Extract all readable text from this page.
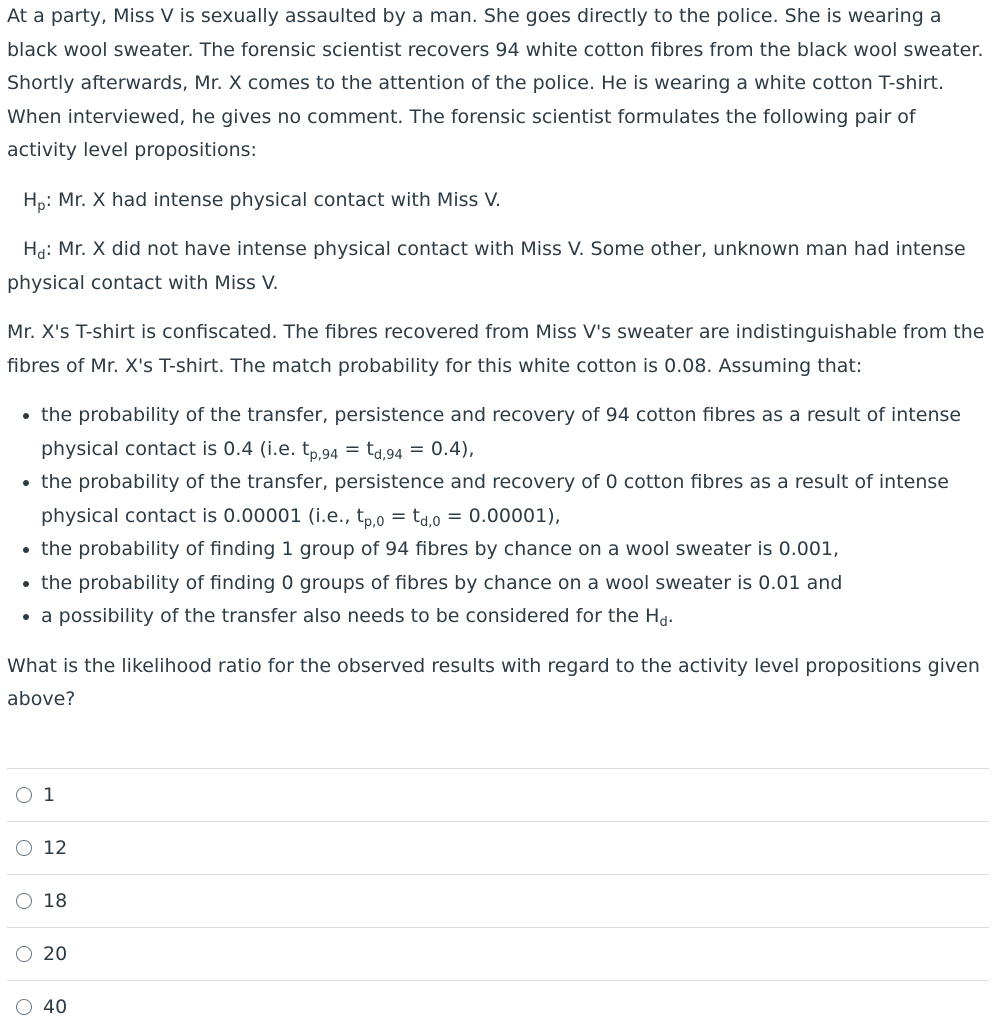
At a party, Miss V is sexually assaulted by a man. She goes directly to the police. She is wearing a black wool sweater. The forensic scientist recovers 94 white cotton fibres from the black wool sweater. Shortly afterwards, Mr. X comes to the attention of the police. He is wearing a white cotton T-shirt. When interviewed, he gives no comment. The forensic scientist formulates the following pair of activity level propositions:

$H_p$: Mr. X had intense physical contact with Miss V.

$H_d$: Mr. X did not have intense physical contact with Miss V. Some other, unknown man had intense physical contact with Miss V.

Mr. X's T-shirt is confiscated. The fibres recovered from Miss V's sweater are indistinguishable from the fibres of Mr. X's T-shirt. The match probability for this white cotton is 0.08. Assuming that:

• the probability of the transfer, persistence and recovery of 94 cotton fibres as a result of intense physical contact is 0.4 (i.e. $t_{p,94} = t_{d,94} = 0.4$),
• the probability of the transfer, persistence and recovery of 0 cotton fibres as a result of intense physical contact is 0.00001 (i.e., $t_{p,0} = t_{d,0} = 0.00001$),
• the probability of finding 1 group of 94 fibres by chance on a wool sweater is 0.001,
• the probability of finding 0 groups of fibres by chance on a wool sweater is 0.01 and
• a possibility of the transfer also needs to be considered for the $H_d$.

What is the likelihood ratio for the observed results with regard to the activity level propositions given above?

1
12
18
20
40
